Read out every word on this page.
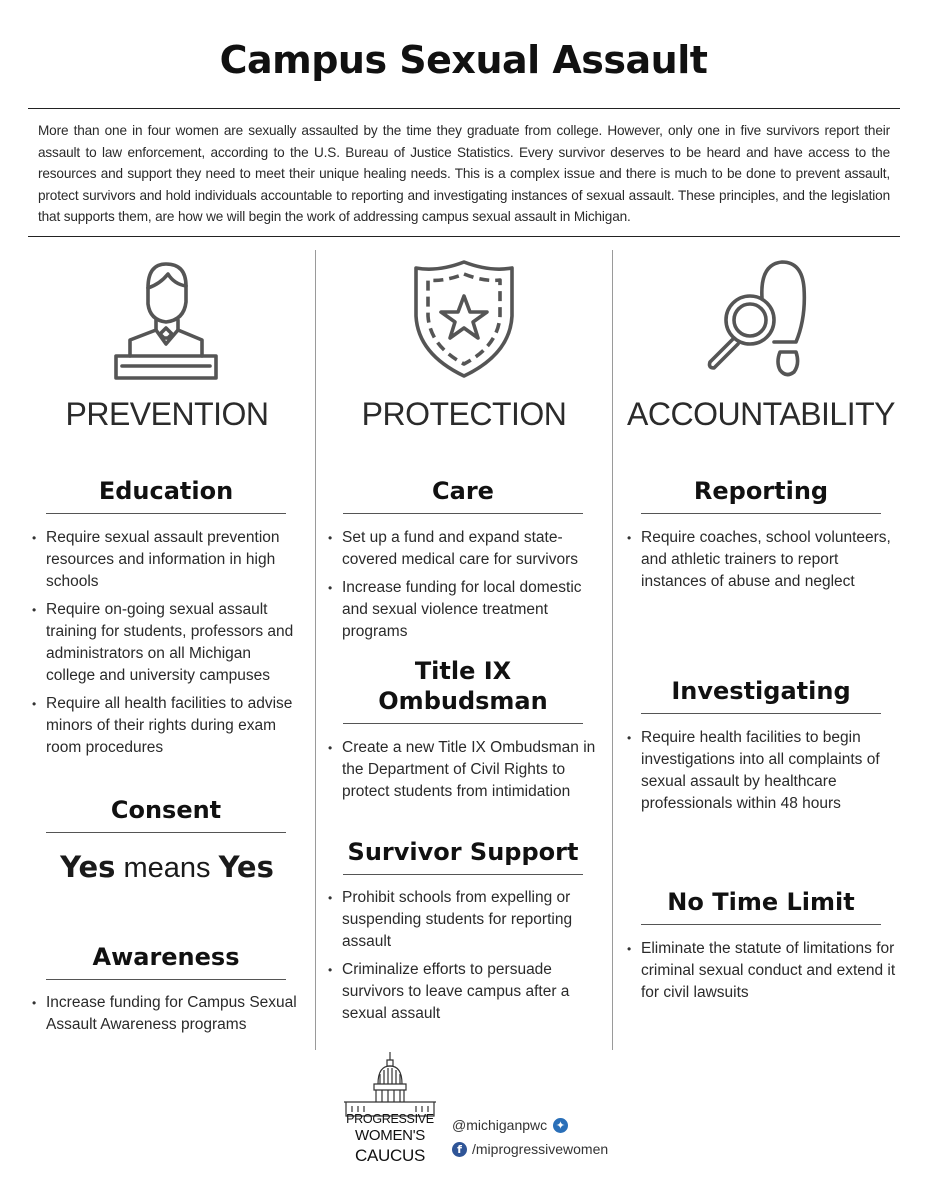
Campus Sexual Assault
More than one in four women are sexually assaulted by the time they graduate from college. However, only one in five survivors report their assault to law enforcement, according to the U.S. Bureau of Justice Statistics. Every survivor deserves to be heard and have access to the resources and support they need to meet their unique healing needs. This is a complex issue and there is much to be done to prevent assault, protect survivors and hold individuals accountable to reporting and investigating instances of sexual assault. These principles, and the legislation that supports them, are how we will begin the work of addressing campus sexual assault in Michigan.
PREVENTION
Education
• Require sexual assault prevention resources and information in high schools
• Require on-going sexual assault training for students, professors and administrators on all Michigan college and university campuses
• Require all health facilities to advise minors of their rights during exam room procedures
Consent
Yes means Yes
Awareness
• Increase funding for Campus Sexual Assault Awareness programs
PROTECTION
Care
• Set up a fund and expand state-covered medical care for survivors
• Increase funding for local domestic and sexual violence treatment programs
Title IX
Ombudsman
• Create a new Title IX Ombudsman in the Department of Civil Rights to protect students from intimidation
Survivor Support
• Prohibit schools from expelling or suspending students for reporting assault
• Criminalize efforts to persuade survivors to leave campus after a sexual assault
ACCOUNTABILITY
Reporting
• Require coaches, school volunteers, and athletic trainers to report instances of abuse and neglect
Investigating
• Require health facilities to begin investigations into all complaints of sexual assault by healthcare professionals within 48 hours
No Time Limit
• Eliminate the statute of limitations for criminal sexual conduct and extend it for civil lawsuits
PROGRESSIVE
WOMEN'S
CAUCUS
@michiganpwc ✦
f /miprogressivewomen
